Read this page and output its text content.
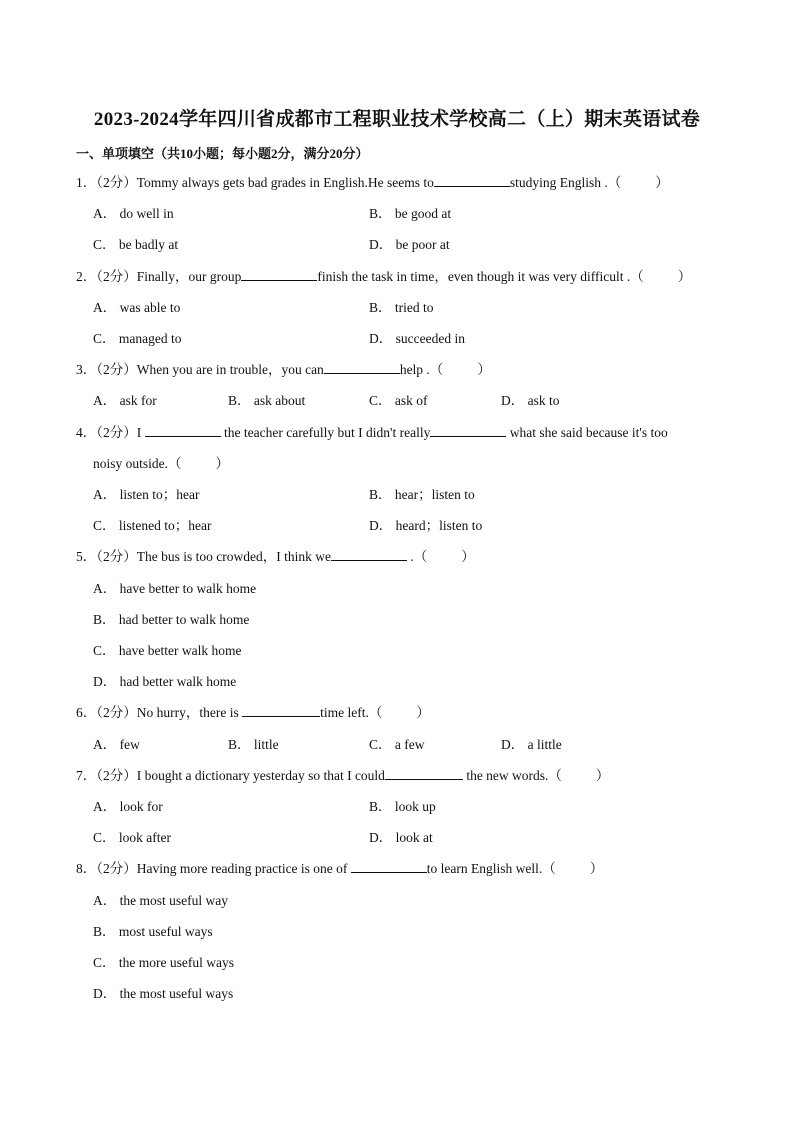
2023-2024学年四川省成都市工程职业技术学校高二（上）期末英语试卷
一、单项填空（共10小题；每小题2分，满分20分）
1．（2分）Tommy always gets bad grades in English.He seems to	studying English .（	）
A． do well in	B． be good at
C． be badly at	D． be poor at
2．（2分）Finally，our group	finish the task in time，even though it was very difficult .（	）
A． was able to	B． tried to
C． managed to	D． succeeded in
3．（2分）When you are in trouble，you can	help .（	）
A． ask for	B． ask about	C． ask of	D． ask to
4．（2分）I	the teacher carefully but I didn't really	what she said because it's too
noisy outside.（	）
A． listen to；hear	B． hear；listen to
C． listened to；hear	D． heard；listen to
5．（2分）The bus is too crowded，I think we	.（	）
A． have better to walk home
B． had better to walk home
C． have better walk home
D． had better walk home
6．（2分）No hurry，there is	time left.（	）
A． few	B． little	C． a few	D． a little
7．（2分）I bought a dictionary yesterday so that I could	the new words.（	）
A． look for	B． look up
C． look after	D． look at
8．（2分）Having more reading practice is one of	to learn English well.（	）
A． the most useful way
B． most useful ways
C． the more useful ways
D． the most useful ways
